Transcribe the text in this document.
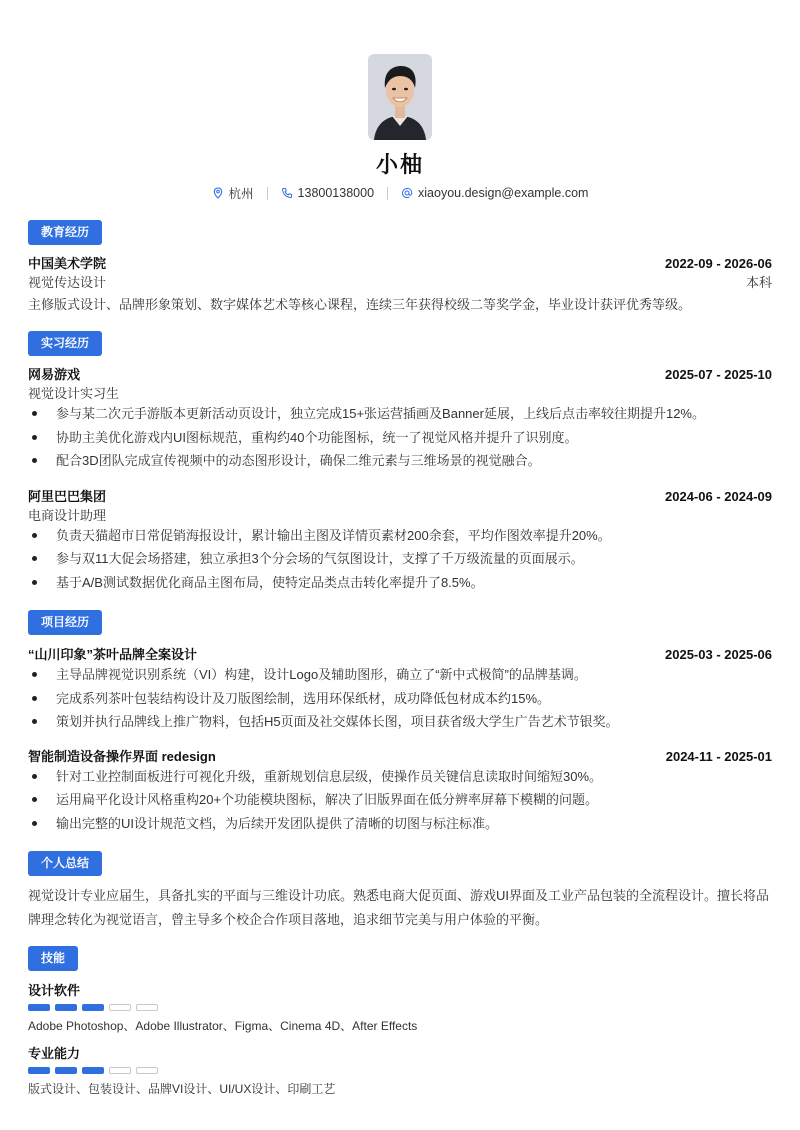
小柚
杭州	13800138000	xiaoyou.design@example.com
教育经历
中国美术学院	2022-09 - 2026-06
视觉传达设计	本科
主修版式设计、品牌形象策划、数字媒体艺术等核心课程，连续三年获得校级二等奖学金，毕业设计获评优秀等级。
实习经历
网易游戏	2025-07 - 2025-10
视觉设计实习生
参与某二次元手游版本更新活动页设计，独立完成15+张运营插画及Banner延展，上线后点击率较往期提升12%。
协助主美优化游戏内UI图标规范，重构约40个功能图标，统一了视觉风格并提升了识别度。
配合3D团队完成宣传视频中的动态图形设计，确保二维元素与三维场景的视觉融合。
阿里巴巴集团	2024-06 - 2024-09
电商设计助理
负责天猫超市日常促销海报设计，累计输出主图及详情页素材200余套，平均作图效率提升20%。
参与双11大促会场搭建，独立承担3个分会场的气氛图设计，支撑了千万级流量的页面展示。
基于A/B测试数据优化商品主图布局，使特定品类点击转化率提升了8.5%。
项目经历
“山川印象”茶叶品牌全案设计	2025-03 - 2025-06
主导品牌视觉识别系统（VI）构建，设计Logo及辅助图形，确立了“新中式极简”的品牌基调。
完成系列茶叶包装结构设计及刀版图绘制，选用环保纸材，成功降低包材成本约15%。
策划并执行品牌线上推广物料，包括H5页面及社交媒体长图，项目获省级大学生广告艺术节银奖。
智能制造设备操作界面 redesign	2024-11 - 2025-01
针对工业控制面板进行可视化升级，重新规划信息层级，使操作员关键信息读取时间缩短30%。
运用扁平化设计风格重构20+个功能模块图标，解决了旧版界面在低分辨率屏幕下模糊的问题。
输出完整的UI设计规范文档，为后续开发团队提供了清晰的切图与标注标准。
个人总结
视觉设计专业应届生，具备扎实的平面与三维设计功底。熟悉电商大促页面、游戏UI界面及工业产品包装的全流程设计。擅长将品牌理念转化为视觉语言，曾主导多个校企合作项目落地，追求细节完美与用户体验的平衡。
技能
设计软件
Adobe Photoshop、Adobe Illustrator、Figma、Cinema 4D、After Effects
专业能力
版式设计、包装设计、品牌VI设计、UI/UX设计、印刷工艺
